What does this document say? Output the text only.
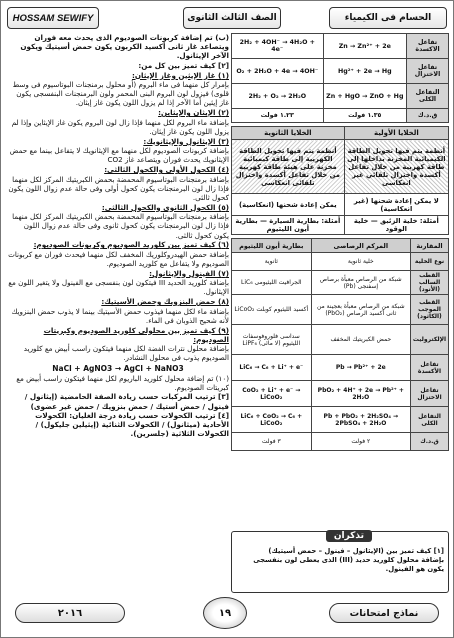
HOSSAM SEWIFY	الصف الثالث الثانوى	الحسام فى الكيمياء

(ب) تم إضافة كربونات الصوديوم الذى يحدث معه فوران ويتصاعد غاز ثانى أكسيد الكربون يكون حمض أسيتيك ويكون الآخر الإيثانول.

[٢] كيف تميز بين كل من:

(١) غاز الإيثين وغاز الإيثان:

بإمرار كل منهما فى ماء البروم (أو محلول برمنجنات البوتاسيوم فى وسط قلوى) فيزول لون البروم البنى المحمر ولون البرمنجنات البنفسجى يكون غاز إيثين أما الآخر إذا لم يزول اللون يكون غاز إيثان.

(٢) الإيثان والإيثاين:

بإضافة ماء البروم لكل منهما فإذا زال لون البروم يكون غاز الإيثاين وإذا لم يزول اللون يكون غاز إيثان.

(٣) الإيثانول والإيثانويك:

بإضافة كربونات الصوديوم لكل منهما مع الإيثانويك لا يتفاعل بينما مع حمض الإيثانويك يحدث فوران ويتصاعد غاز CO2

(٤) الكحول الأولى والكحول الثالثى:

بإضافة برمنجنات البوتاسيوم المحمضة بحمض الكبريتيك المركز لكل منهما فإذا زال لون البرمنجنات يكون كحول أولى وفى حالة عدم زوال اللون يكون كحول ثالثى.

(٥) الكحول الثانوى والكحول الثالثى:

بإضافة برمنجنات البوتاسيوم المحمضة بحمض الكبريتيك المركز لكل منهما فإذا زال لون البرمنجنات يكون كحول ثانوى وفى حالة عدم زوال اللون يكون كحول ثالثى.

(٦) كيف تميز بين كلوريد الصوديوم وكربونات الصوديوم:

بإضافة حمض الهيدروكلوريك المخفف لكل منهما فيحدث فوران مع كربونات الصوديوم ولا يتفاعل مع كلوريد الصوديوم.

(٧) الفينول والإيثانول:

بإضافة كلوريد الحديد III فيتكون لون بنفسجى مع الفينول ولا يتغير اللون مع الإيثانول.

(٨) حمض البنزويك وحمض الأسيتيك:

بإضافة ماء لكل منهما فيذوب حمض الأسيتيك بينما لا يذوب حمض البنزويك لأنه شحيح الذوبان فى الماء.

(٩) كيف تميز بين محلولى كلوريد الصوديوم وكبريتات الصوديوم:

بإضافة محلول نترات الفضة لكل منهما فيتكون راسب أبيض مع كلوريد الصوديوم يذوب فى محلول النشادر.

NaCl + AgNO3 → AgCl + NaNO3

(١٠) تم إضافة محلول كلوريد الباريوم لكل منهما فيتكون راسب أبيض مع كبريتات الصوديوم.

[٣] ترتيب المركبات حسب زيادة الصفة الحامضية (إيثانول / فينول / حمض أستيك / حمض بنزويك / حمض غير عضوى)

[٤] ترتيب الكحولات حسب زيادة درجة الغليان: الكحولات الأحادية (ميثانول) / الكحولات الثنائية (إيثيلين جليكول) / الكحولات الثلاثية (جلسرين).

2H₂ + 4OH⁻ → 4H₂O + 4e⁻	Zn → Zn²⁺ + 2e	تفاعل الاكسدة
O₂ + 2H₂O + 4e → 4OH⁻	Hg²⁺ + 2e → Hg	تفاعل الاختزال
2H₂ + O₂ → 2H₂O	Zn + HgO → ZnO + Hg	التفاعل الكلى
١.٢٣ فولت	١.٣٥ فولت	ق.د.ك
الخلايا الأولية	الخلايا الثانوية
أنظمة يتم فيها تحويل الطاقة الكيميائية المخزنة بداخلها إلى طاقة كهربية من خلال تفاعل أكسدة واختزال تلقائي غير انعكاسى	أنظمة يتم فيها تحويل الطاقة الكهربية إلى طاقة كيميائية مخزنة على هيئة طاقة كهربية من خلال تفاعل أكسدة واختزال تلقائى انعكاسى
لا يمكن إعادة شحنها (غير انعكاسية)	يمكن إعادة شحنها (انعكاسية)
أمثلة: خلية الزئبق — خلية الوقود	أمثلة: بطارية السيارة — بطارية أيون الليثيوم
المقارنة	المركم الرصاصى	بطارية أيون الليثيوم
نوع الخلية	خلية ثانوية	ثانوية
القطب السالب (الأنود)	شبكة من الرصاص معبأة برصاص إسفنجى (Pb)	الجرافيت الليثيومى LiC₆
القطب الموجب (الكاثود)	شبكة من الرصاص معبأة بعجينة من ثانى أكسيد الرصاص (PbO₂)	أكسيد الليثيوم كوبلت LiCoO₂
الإلكتروليت	حمض الكبريتيك المخفف	سداسى فلوروفوسفات الليثيوم (لا مائى) LiPF₆
تفاعل الأكسدة	Pb → Pb²⁺ + 2e	LiC₆ → C₆ + Li⁺ + e⁻
تفاعل الاختزال	PbO₂ + 4H⁺ + 2e → Pb²⁺ + 2H₂O	CoO₂ + Li⁺ + e⁻ → LiCoO₂
التفاعل الكلى	Pb + PbO₂ + 2H₂SO₄ → 2PbSO₄ + 2H₂O	LiC₆ + CoO₂ → C₆ + LiCoO₂
ق.د.ك	٢ فولت	٣ فولت
تذكران
[١] كيف تميز بين (الإيثانول – فينول – حمض أسيتيك)
بإضافة محلول كلوريد حديد (III) الذى يعطى لون بنفسجى يكون هو الفينول.
٢٠١٦	١٩	نماذج امتحانات
